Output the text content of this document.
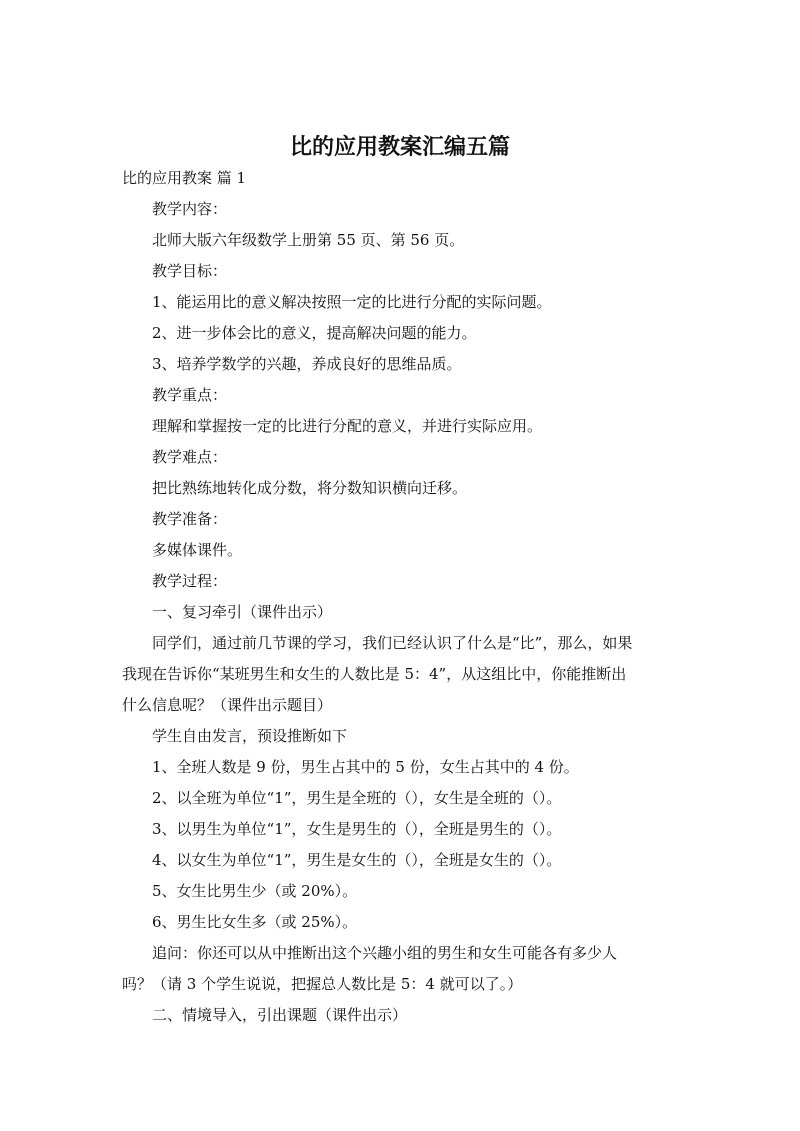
比的应用教案汇编五篇

比的应用教案 篇 1

教学内容：

北师大版六年级数学上册第 55 页、第 56 页。

教学目标：

1、能运用比的意义解决按照一定的比进行分配的实际问题。

2、进一步体会比的意义，提高解决问题的能力。

3、培养学数学的兴趣，养成良好的思维品质。

教学重点：

理解和掌握按一定的比进行分配的意义，并进行实际应用。

教学难点：

把比熟练地转化成分数，将分数知识横向迁移。

教学准备：

多媒体课件。

教学过程：

一、复习牵引（课件出示）

同学们，通过前几节课的学习，我们已经认识了什么是“比”，那么，如果

我现在告诉你“某班男生和女生的人数比是 5：4”，从这组比中，你能推断出

什么信息呢？（课件出示题目）

学生自由发言，预设推断如下

1、全班人数是 9 份，男生占其中的 5 份，女生占其中的 4 份。

2、以全班为单位“1”，男生是全班的（），女生是全班的（）。

3、以男生为单位“1”，女生是男生的（），全班是男生的（）。

4、以女生为单位“1”，男生是女生的（），全班是女生的（）。

5、女生比男生少（或 20%）。

6、男生比女生多（或 25%）。

追问：你还可以从中推断出这个兴趣小组的男生和女生可能各有多少人

吗？（请 3 个学生说说，把握总人数比是 5：4 就可以了。）

二、情境导入，引出课题（课件出示）
